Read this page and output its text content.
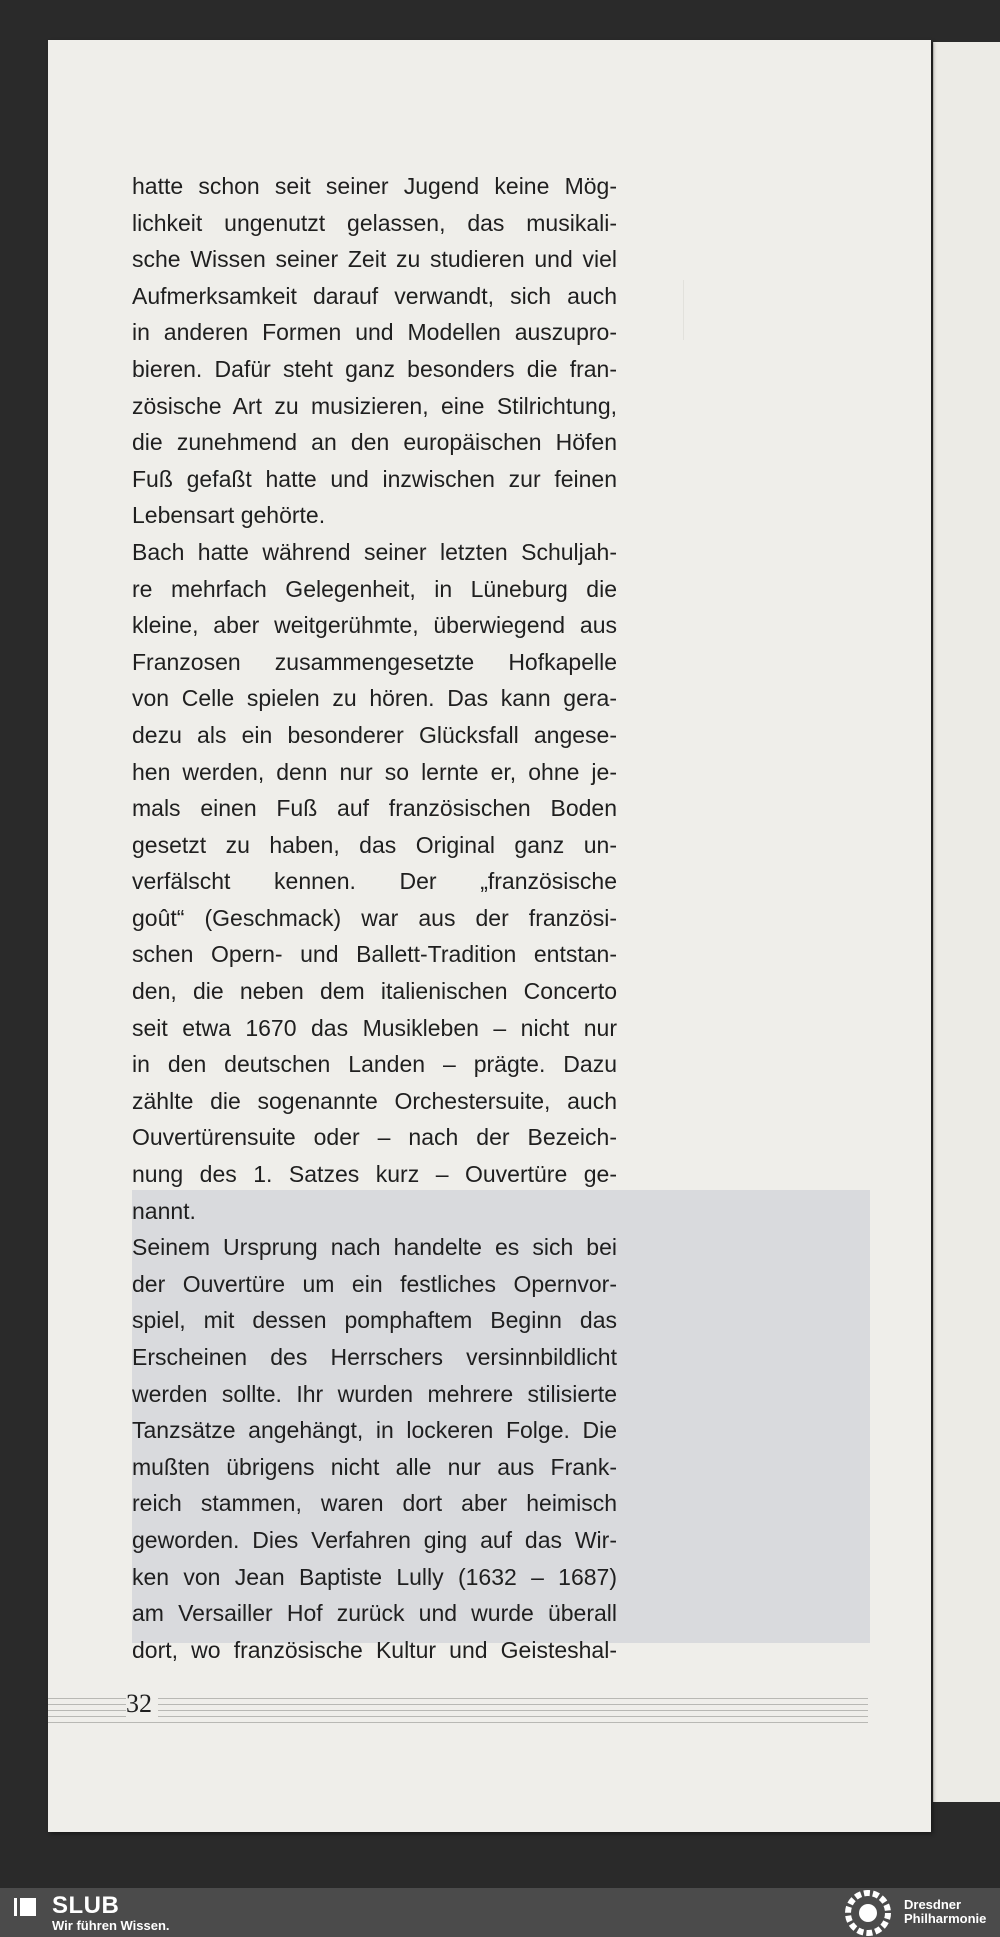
hatte schon seit seiner Jugend keine Mög-

lichkeit ungenutzt gelassen, das musikali-

sche Wissen seiner Zeit zu studieren und viel

Aufmerksamkeit darauf verwandt, sich auch

in anderen Formen und Modellen auszupro-

bieren. Dafür steht ganz besonders die fran-

zösische Art zu musizieren, eine Stilrichtung,

die zunehmend an den europäischen Höfen

Fuß gefaßt hatte und inzwischen zur feinen

Lebensart gehörte.

Bach hatte während seiner letzten Schuljah-

re mehrfach Gelegenheit, in Lüneburg die

kleine, aber weitgerühmte, überwiegend aus

Franzosen zusammengesetzte Hofkapelle

von Celle spielen zu hören. Das kann gera-

dezu als ein besonderer Glücksfall angese-

hen werden, denn nur so lernte er, ohne je-

mals einen Fuß auf französischen Boden

gesetzt zu haben, das Original ganz un-

verfälscht kennen. Der „französische

goût“ (Geschmack) war aus der französi-

schen Opern- und Ballett-Tradition entstan-

den, die neben dem italienischen Concerto

seit etwa 1670 das Musikleben – nicht nur

in den deutschen Landen – prägte. Dazu

zählte die sogenannte Orchestersuite, auch

Ouvertürensuite oder – nach der Bezeich-

nung des 1. Satzes kurz – Ouvertüre ge-

nannt.

Seinem Ursprung nach handelte es sich bei

der Ouvertüre um ein festliches Opernvor-

spiel, mit dessen pomphaftem Beginn das

Erscheinen des Herrschers versinnbildlicht

werden sollte. Ihr wurden mehrere stilisierte

Tanzsätze angehängt, in lockeren Folge. Die

mußten übrigens nicht alle nur aus Frank-

reich stammen, waren dort aber heimisch

geworden. Dies Verfahren ging auf das Wir-

ken von Jean Baptiste Lully (1632 – 1687)

am Versailler Hof zurück und wurde überall

dort, wo französische Kultur und Geisteshal-

32
SLUB
Wir führen Wissen.
Dresdner
Philharmonie
